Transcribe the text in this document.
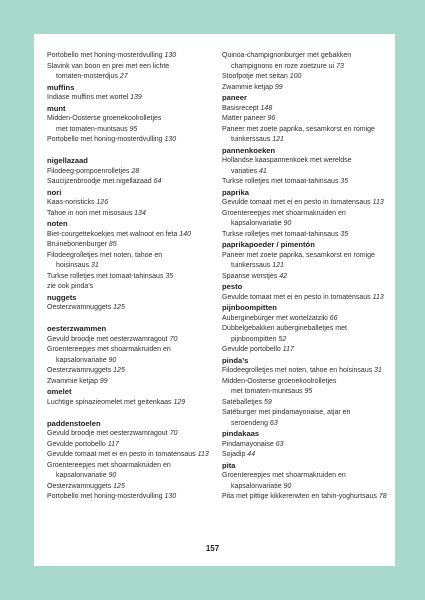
Portobello met honing-mosterdvulling 130
Slavink van boon en prei met een lichte
tomaten-mosterdjus 27
muffins
Indiase muffins met wortel 139
munt
Midden-Oosterse groenekoolrolletjes
met tomaten-muntsaus 95
Portobello met honing-mosterdvulling 130
nigellazaad
Filodeeg-pompoenrolletjes 28
Saucijzenbroodje met nigellazaad 64
nori
Kaas-noristicks 126
Tahoe in nori met misosaus 134
noten
Biet-courgettekoekjes met walnoot en feta 140
Bruinebonenburger 85
Filodeegrolletjes met noten, tahoe en
hoisinsaus 31
Turkse rolletjes met tomaat-tahinsaus 35
zie ook pinda’s
nuggets
Oesterzwamnuggets 125
oesterzwammen
Gevuld broodje met oesterzwamragout 70
Groentereepjes met shoarmakruiden en
kapsalonvariatie 90
Oesterzwamnuggets 125
Zwammie ketjap 99
omelet
Luchtige spinazieomelet met geitenkaas 129
paddenstoelen
Gevuld broodje met oesterzwamragout 70
Gevulde portobello 117
Gevulde tomaat met ei en pesto in tomatensaus 113
Groentereepjes met shoarmakruiden en
kapsalonvariatie 90
Oesterzwamnuggets 125
Portobello met honing-mosterdvulling 130
Quinoa-champignonburger met gebakken
champignons en roze zoetzure ui 73
Stoofpotje met seitan 100
Zwammie ketjap 99
paneer
Basisrecept 148
Matter paneer 96
Paneer met zoete paprika, sesamkorst en romige
tuinkerssaus 121
pannenkoeken
Hollandse kaaspannenkoek met wereldse
variaties 41
Turkse rolletjes met tomaat-tahinsaus 35
paprika
Gevulde tomaat met ei en pesto in tomatensaus 113
Groentereepjes met shoarmakruiden en
kapsalonvariatie 90
Turkse rolletjes met tomaat-tahinsaus 35
paprikapoeder / pimentón
Paneer met zoete paprika, sesamkorst en romige
tuinkerssaus 121
Spaanse worstjes 42
pesto
Gevulde tomaat met ei en pesto in tomatensaus 113
pijnboompitten
Auberginebúrger met wortelzatziki 66
Dubbelgebakken aubergineballetjes met
pijnboompitten 52
Gevulde portobello 117
pinda’s
Filodeegrolletjes met noten, tahoe en hoisinsaus 31
Midden-Oosterse groenekoolrolletjes
met tomaten-muntsaus 95
Satéballetjes 59
Satéburger met pindamayonaise, atjar en
seroendeng 63
pindakaas
Pindamayonaise 63
Sojadip 44
pita
Groentereepjes met shoarmakruiden en
kapsalonvariatie 90
Pita met pittige kikkererwten en tahin-yoghurtsaus 78
157
